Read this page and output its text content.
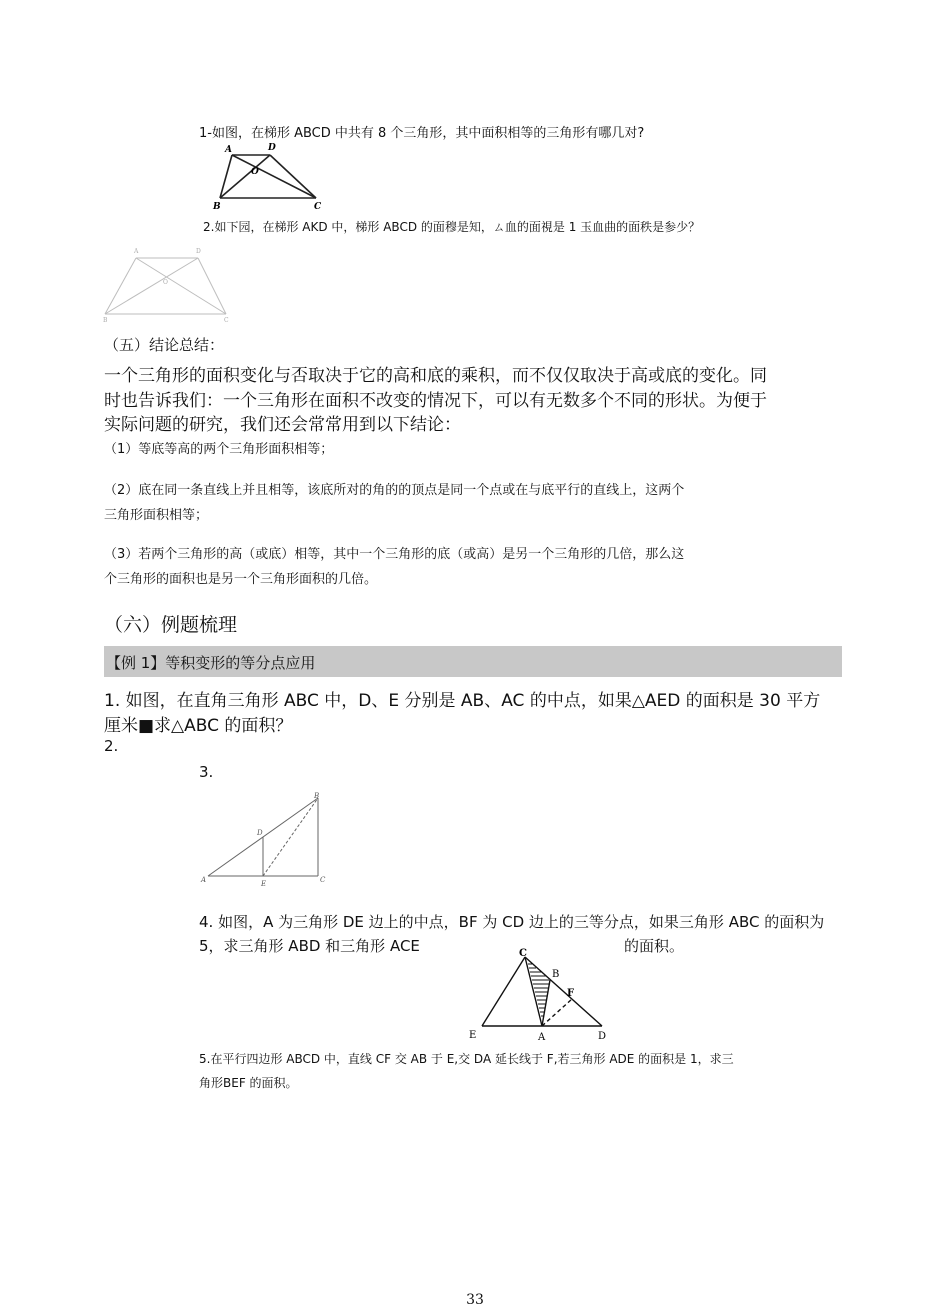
1-如图，在梯形 ABCD 中共有 8 个三角形，其中面积相等的三角形有哪几对?
A	D
O
B	C
2.如下园，在梯形 AKD 中，梯形 ABCD 的面穆是知，ㄙ血的面視是 1 玉血曲的面秩是参少？
A	D
O
B	C
（五）结论总结：
一个三角形的面积变化与否取决于它的高和底的乘积，而不仅仅取决于高或底的变化。同
时也告诉我们：一个三角形在面积不改变的情况下，可以有无数多个不同的形状。为便于
实际问题的研究，我们还会常常用到以下结论：
（1）等底等高的两个三角形面积相等；
（2）底在同一条直线上并且相等，该底所对的角的的顶点是同一个点或在与底平行的直线上，这两个
三角形面积相等；
（3）若两个三角形的高（或底）相等，其中一个三角形的底（或高）是另一个三角形的几倍，那么这
个三角形的面积也是另一个三角形面积的几倍。
（六）例题梳理
【例 1】等积变形的等分点应用
1. 如图，在直角三角形 ABC 中，D、E 分别是 AB、AC 的中点，如果△AED 的面积是 30 平方
厘米■求△ABC 的面积？
2.
3.
B
D
A	E	C
4. 如图，A 为三角形 DE 边上的中点，BF 为 CD 边上的三等分点，如果三角形 ABC 的面积为
5，求三角形 ABD 和三角形 ACE	的面积。
C
B
F
E	A	D
5.在平行四边形 ABCD 中，直线 CF 交 AB 于 E,交 DA 延长线于 F,若三角形 ADE 的面积是 1，求三
角形BEF 的面积。
33
